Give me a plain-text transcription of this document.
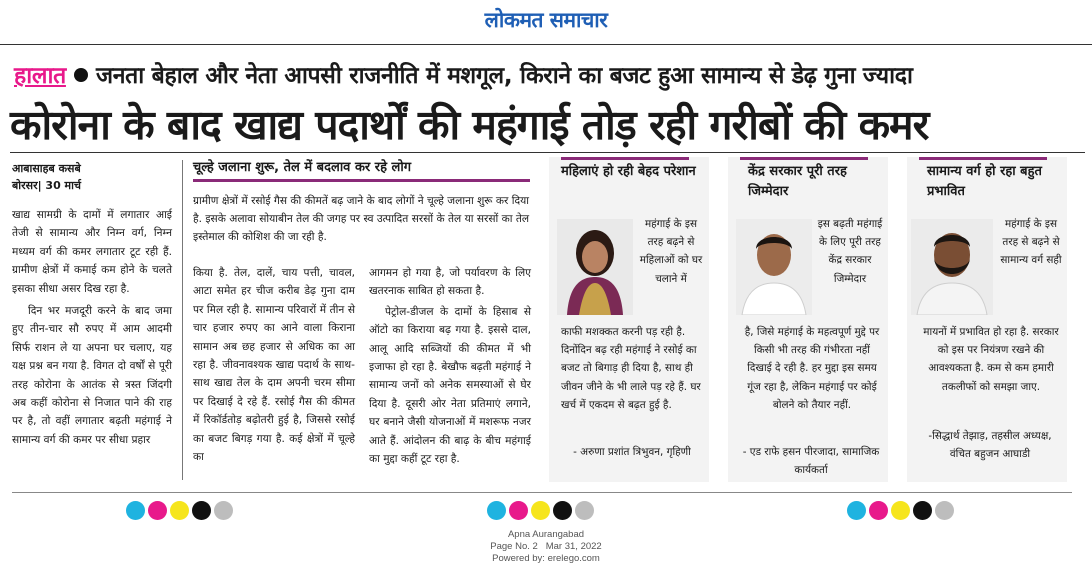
लोकमत समाचार
हालात जनता बेहाल और नेता आपसी राजनीति में मशगूल, किराने का बजट हुआ सामान्य से डेढ़ गुना ज्यादा
कोरोना के बाद खाद्य पदार्थों की महंगाई तोड़ रही गरीबों की कमर
आबासाहब कसबे
बोरसर| 30 मार्च

खाद्य सामग्री के दामों में लगातार आई तेजी से सामान्य और निम्न वर्ग, निम्न मध्यम वर्ग की कमर लगातार टूट रही हैं. ग्रामीण क्षेत्रों में कमाई कम होने के चलते इसका सीधा असर दिख रहा है.

दिन भर मजदूरी करने के बाद जमा हुए तीन-चार सौ रुपए में आम आदमी सिर्फ राशन ले या अपना घर चलाए, यह यक्ष प्रश्न बन गया है. विगत दो वर्षों से पूरी तरह कोरोना के आतंक से त्रस्त जिंदगी अब कहीं कोरोना से निजात पाने की राह पर है, तो वहीं लगातार बढ़ती महंगाई ने सामान्य वर्ग की कमर पर सीधा प्रहार

चूल्हे जलाना शुरू, तेल में बदलाव कर रहे लोग
ग्रामीण क्षेत्रों में रसोई गैस की कीमतें बढ़ जाने के बाद लोगों ने चूल्हे जलाना शुरू कर दिया है. इसके अलावा सोयाबीन तेल की जगह पर स्व उत्पादित सरसों के तेल या सरसों का तेल इस्तेमाल की कोशिश की जा रही है.

किया है. तेल, दालें, चाय पत्ती, चावल, आटा समेत हर चीज करीब डेढ़ गुना दाम पर मिल रही है. सामान्य परिवारों में तीन से चार हजार रुपए का आने वाला किराना सामान अब छह हजार से अधिक का आ रहा है. जीवनावश्यक खाद्य पदार्थ के साथ-साथ खाद्य तेल के दाम अपनी चरम सीमा पर दिखाई दे रहे हैं. रसोई गैस की कीमत में रिकॉर्डतोड़ बढ़ोतरी हुई है, जिससे रसोई का बजट बिगड़ गया है. कई क्षेत्रों में चूल्हे का

आगमन हो गया है, जो पर्यावरण के लिए खतरनाक साबित हो सकता है.

पेट्रोल-डीजल के दामों के हिसाब से ऑटो का किराया बढ़ गया है. इससे दाल, आलू आदि सब्जियों की कीमत में भी इजाफा हो रहा है. बेखौफ बढ़ती महंगाई ने सामान्य जनों को अनेक समस्याओं से घेर दिया है. दूसरी ओर नेता प्रतिमाएं लगाने, घर बनाने जैसी योजनाओं में मशरूफ नजर आते हैं. आंदोलन की बाढ़ के बीच महंगाई का मुद्दा कहीं टूट रहा है.

महिलाएं हो रही बेहद परेशान
महंगाई के इस तरह बढ़ने से महिलाओं को घर चलाने में
काफी मशक्कत करनी पड़ रही है. दिनोंदिन बढ़ रही महंगाई ने रसोई का बजट तो बिगाड़ ही दिया है, साथ ही जीवन जीने के भी लाले पड़ रहे हैं. घर खर्च में एकदम से बढ़त हुई है.
- अरुणा प्रशांत त्रिभुवन, गृहिणी
केंद्र सरकार पूरी तरह जिम्मेदार
इस बढ़ती महंगाई के लिए पूरी तरह केंद्र सरकार जिम्मेदार
है, जिसे महंगाई के महत्वपूर्ण मुद्दे पर किसी भी तरह की गंभीरता नहीं दिखाई दे रही है. हर मुद्दा इस समय गूंज रहा है, लेकिन महंगाई पर कोई बोलने को तैयार नहीं.
- एड राफे हसन पीरजादा, सामाजिक कार्यकर्ता
सामान्य वर्ग हो रहा बहुत प्रभावित
महंगाई के इस तरह से बढ़ने से सामान्य वर्ग सही
मायनों में प्रभावित हो रहा है. सरकार को इस पर नियंत्रण रखने की आवश्यकता है. कम से कम हमारी तकलीफों को समझा जाए.
-सिद्धार्थ तेझाड़, तहसील अध्यक्ष, वंचित बहुजन आघाडी
Apna Aurangabad
Page No. 2   Mar 31, 2022
Powered by: erelego.com
